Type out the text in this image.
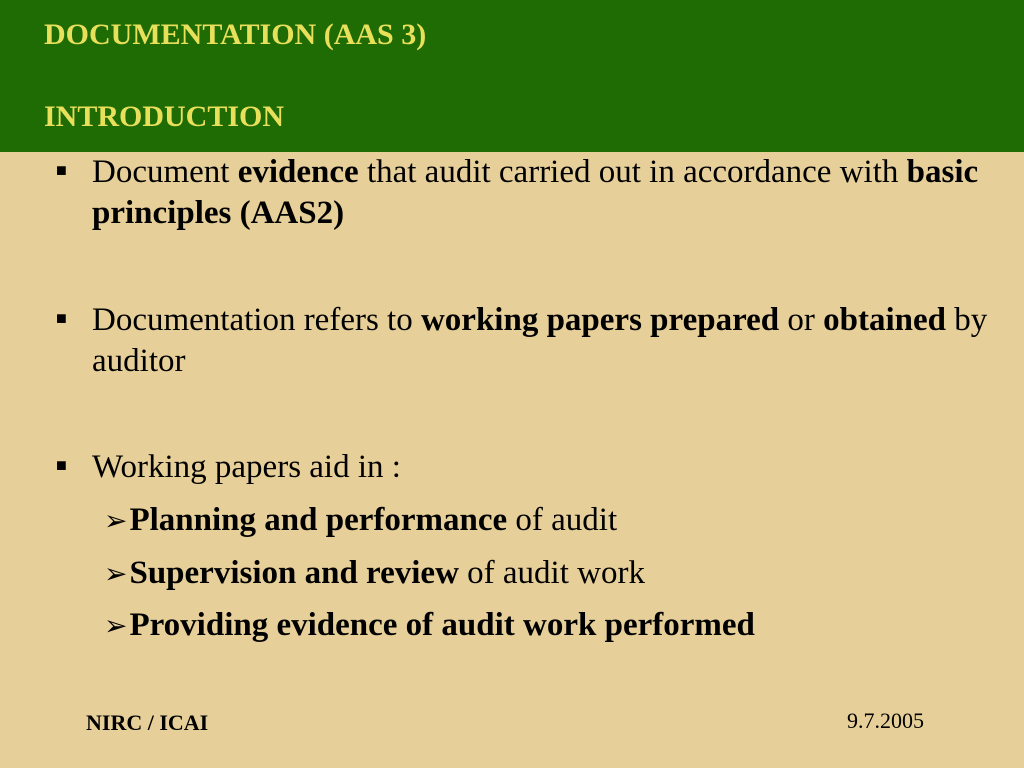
DOCUMENTATION (AAS 3)
INTRODUCTION
■ Document evidence that audit carried out in accordance with basic principles (AAS2)
■ Documentation refers to working papers prepared or obtained by auditor
■ Working papers aid in :
➢Planning and performance of audit
➢Supervision and review of audit work
➢Providing evidence of audit work performed
NIRC / ICAI	9.7.2005
